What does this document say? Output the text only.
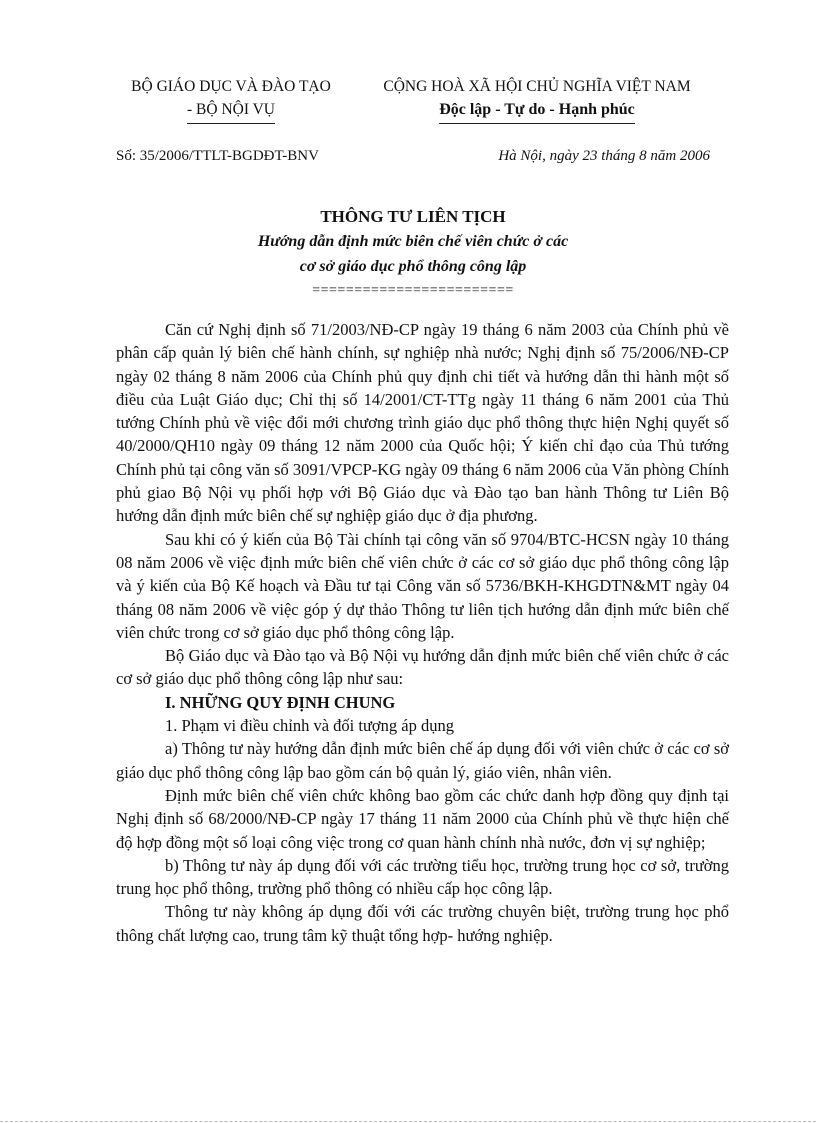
BỘ GIÁO DỤC VÀ ĐÀO TẠO

- BỘ NỘI VỤ

CỘNG HOÀ XÃ HỘI CHỦ NGHĨA VIỆT NAM

Độc lập - Tự do - Hạnh phúc
Số: 35/2006/TTLT-BGDĐT-BNV	Hà Nội, ngày 23 tháng 8 năm 2006

THÔNG TƯ LIÊN TỊCH

Hướng dẫn định mức biên chế viên chức ở các

cơ sở giáo dục phổ thông công lập

========================

Căn cứ Nghị định số 71/2003/NĐ-CP ngày 19 tháng 6 năm 2003 của Chính phủ về phân cấp quản lý biên chế hành chính, sự nghiệp nhà nước; Nghị định số 75/2006/NĐ-CP ngày 02 tháng 8 năm 2006 của Chính phủ quy định chi tiết và hướng dẫn thi hành một số điều của Luật Giáo dục; Chỉ thị số 14/2001/CT-TTg ngày 11 tháng 6 năm 2001 của Thủ tướng Chính phủ về việc đổi mới chương trình giáo dục phổ thông thực hiện Nghị quyết số 40/2000/QH10 ngày 09 tháng 12 năm 2000 của Quốc hội; Ý kiến chỉ đạo của Thủ tướng Chính phủ tại công văn số 3091/VPCP-KG ngày 09 tháng 6 năm 2006 của Văn phòng Chính phủ giao Bộ Nội vụ phối hợp với Bộ Giáo dục và Đào tạo ban hành Thông tư Liên Bộ hướng dẫn định mức biên chế sự nghiệp giáo dục ở địa phương.

Sau khi có ý kiến của Bộ Tài chính tại công văn số 9704/BTC-HCSN ngày 10 tháng 08 năm 2006 về việc định mức biên chế viên chức ở các cơ sở giáo dục phổ thông công lập và ý kiến của Bộ Kế hoạch và Đầu tư tại Công văn số 5736/BKH-KHGDTN&MT ngày 04 tháng 08 năm 2006 về việc góp ý dự thảo Thông tư liên tịch hướng dẫn định mức biên chế viên chức trong cơ sở giáo dục phổ thông công lập.

Bộ Giáo dục và Đào tạo và Bộ Nội vụ hướng dẫn định mức biên chế viên chức ở các cơ sở giáo dục phổ thông công lập như sau:

I. NHỮNG QUY ĐỊNH CHUNG

1. Phạm vi điều chỉnh và đối tượng áp dụng

a) Thông tư này hướng dẫn định mức biên chế áp dụng đối với viên chức ở các cơ sở giáo dục phổ thông công lập bao gồm cán bộ quản lý, giáo viên, nhân viên.

Định mức biên chế viên chức không bao gồm các chức danh hợp đồng quy định tại Nghị định số 68/2000/NĐ-CP ngày 17 tháng 11 năm 2000 của Chính phủ về thực hiện chế độ hợp đồng một số loại công việc trong cơ quan hành chính nhà nước, đơn vị sự nghiệp;

b) Thông tư này áp dụng đối với các trường tiểu học, trường trung học cơ sở, trường trung học phổ thông, trường phổ thông có nhiều cấp học công lập.

Thông tư này không áp dụng đối với các trường chuyên biệt, trường trung học phổ thông chất lượng cao, trung tâm kỹ thuật tổng hợp- hướng nghiệp.
